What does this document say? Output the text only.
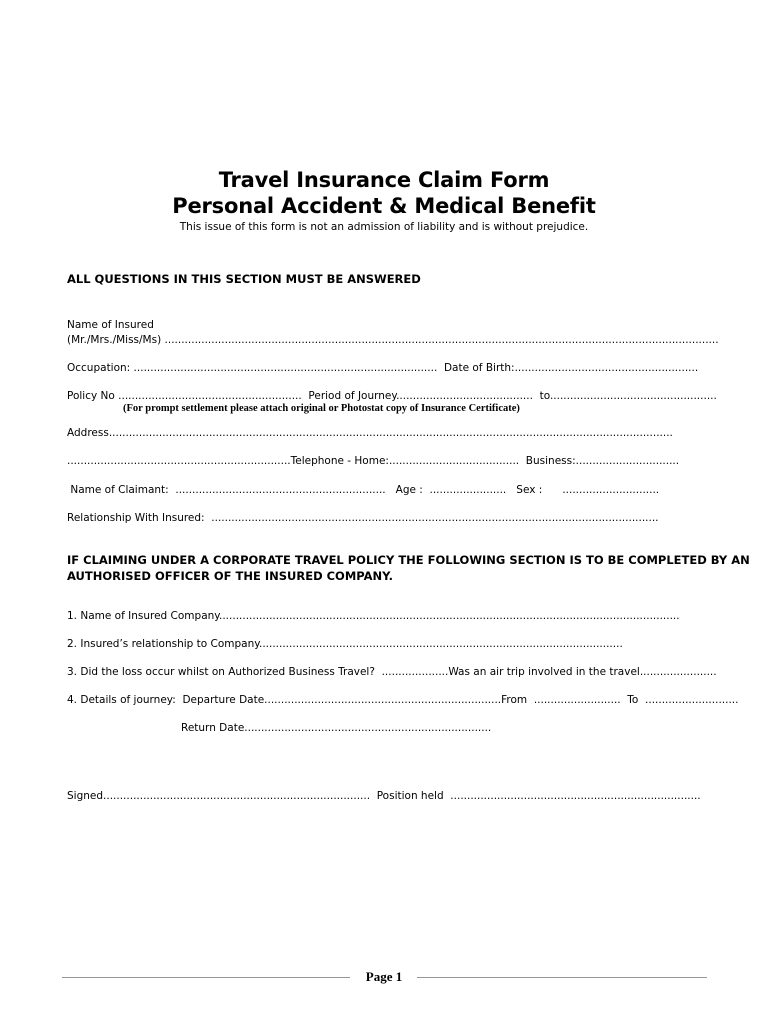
Travel Insurance Claim Form
Personal Accident & Medical Benefit
This issue of this form is not an admission of liability and is without prejudice.
ALL QUESTIONS IN THIS SECTION MUST BE ANSWERED
Name of Insured
(Mr./Mrs./Miss/Ms) ......................................................................................................................................................................
Occupation: ...........................................................................................  Date of Birth:.......................................................
Policy No .......................................................  Period of Journey.........................................  to..................................................
(For prompt settlement please attach original or Photostat copy of Insurance Certificate)
Address.........................................................................................................................................................................
...................................................................Telephone - Home:.......................................  Business:...............................
Name of Claimant:  ...............................................................   Age :  .......................   Sex :      .............................
Relationship With Insured:  ......................................................................................................................................
IF CLAIMING UNDER A CORPORATE TRAVEL POLICY THE FOLLOWING SECTION IS TO BE COMPLETED BY AN
AUTHORISED OFFICER OF THE INSURED COMPANY.
1. Name of Insured Company..........................................................................................................................................
2. Insured’s relationship to Company.............................................................................................................
3. Did the loss occur whilst on Authorized Business Travel?  ....................Was an air trip involved in the travel.......................
4. Details of journey:  Departure Date.......................................................................From  ..........................  To  ............................
Return Date..........................................................................
Signed................................................................................  Position held  ...........................................................................
Page 1
